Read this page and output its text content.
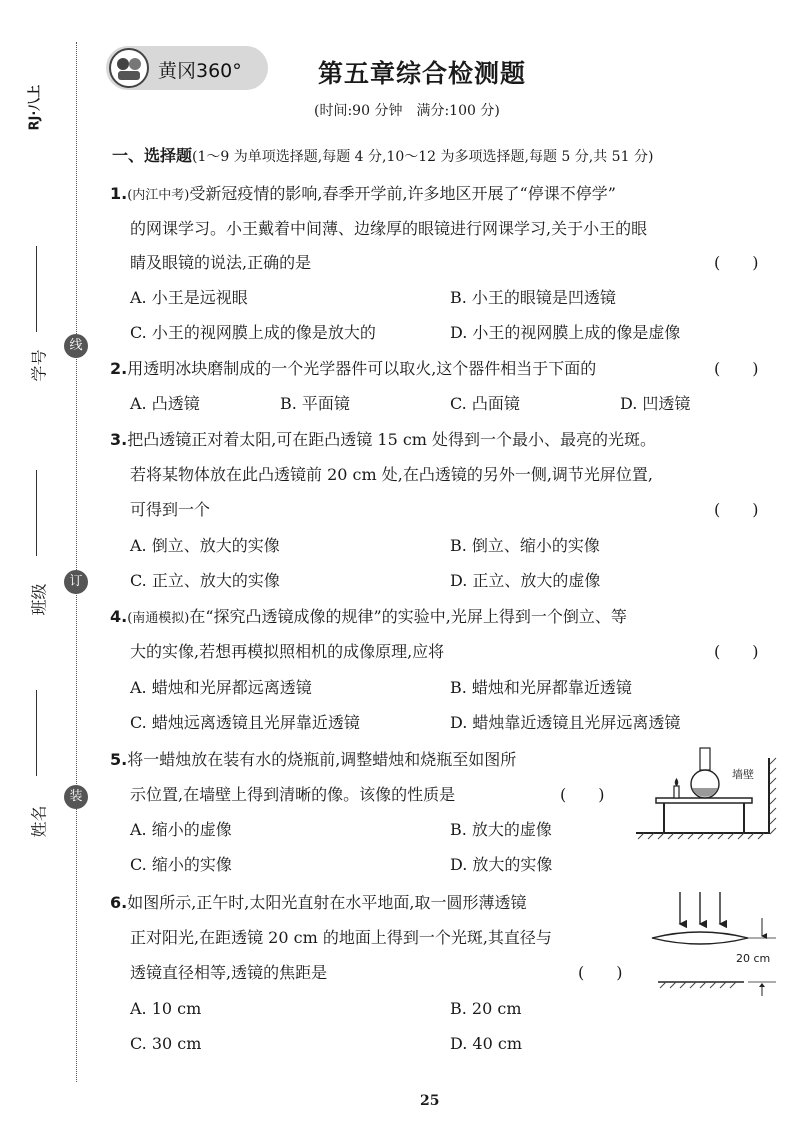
RJ·八上
学号
班级
姓名
线
订
装
黄冈360°	第五章综合检测题
(时间:90 分钟　满分:100 分)
一、选择题(1～9 为单项选择题,每题 4 分,10～12 为多项选择题,每题 5 分,共 51 分)
1.(内江中考)受新冠疫情的影响,春季开学前,许多地区开展了“停课不停学”
的网课学习。小王戴着中间薄、边缘厚的眼镜进行网课学习,关于小王的眼
睛及眼镜的说法,正确的是	(　　)
A. 小王是远视眼	B. 小王的眼镜是凹透镜
C. 小王的视网膜上成的像是放大的	D. 小王的视网膜上成的像是虚像
2.用透明冰块磨制成的一个光学器件可以取火,这个器件相当于下面的	(　　)
A. 凸透镜	B. 平面镜	C. 凸面镜	D. 凹透镜
3.把凸透镜正对着太阳,可在距凸透镜 15 cm 处得到一个最小、最亮的光斑。
若将某物体放在此凸透镜前 20 cm 处,在凸透镜的另外一侧,调节光屏位置,
可得到一个	(　　)
A. 倒立、放大的实像	B. 倒立、缩小的实像
C. 正立、放大的实像	D. 正立、放大的虚像
4.(南通模拟)在“探究凸透镜成像的规律”的实验中,光屏上得到一个倒立、等
大的实像,若想再模拟照相机的成像原理,应将	(　　)
A. 蜡烛和光屏都远离透镜	B. 蜡烛和光屏都靠近透镜
C. 蜡烛远离透镜且光屏靠近透镜	D. 蜡烛靠近透镜且光屏远离透镜
5.将一蜡烛放在装有水的烧瓶前,调整蜡烛和烧瓶至如图所
示位置,在墙壁上得到清晰的像。该像的性质是	(　　)
A. 缩小的虚像	B. 放大的虚像
C. 缩小的实像	D. 放大的实像
墙壁
6.如图所示,正午时,太阳光直射在水平地面,取一圆形薄透镜
正对阳光,在距透镜 20 cm 的地面上得到一个光斑,其直径与
透镜直径相等,透镜的焦距是	(　　)
A. 10 cm	B. 20 cm
C. 30 cm	D. 40 cm
20 cm
25
